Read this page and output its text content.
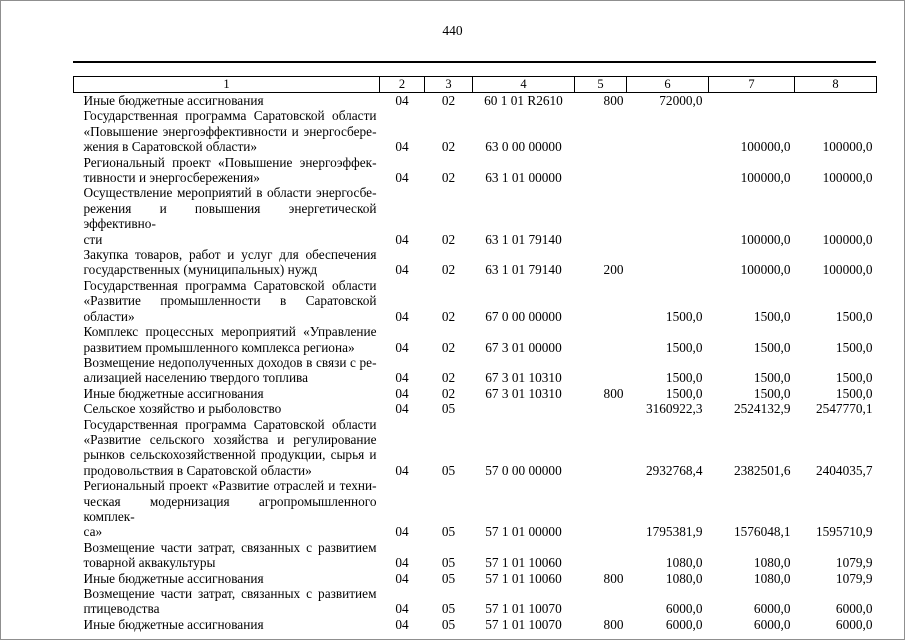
440
1	2	3	4	5	6	7	8

Иные бюджетные ассигнования	04	02	60 1 01 R2610	800	72000,0		

Государственная программа Саратовской области
«Повышение энергоэффективности и энергосбере-
жения в Саратовской области»	04	02	63 0 00 00000			100000,0	100000,0

Региональный проект «Повышение энергоэффек-
тивности и энергосбережения»	04	02	63 1 01 00000			100000,0	100000,0

Осуществление мероприятий в области энергосбе-
режения и повышения энергетической эффективно-
сти	04	02	63 1 01 79140			100000,0	100000,0

Закупка товаров, работ и услуг для обеспечения
государственных (муниципальных) нужд	04	02	63 1 01 79140	200		100000,0	100000,0

Государственная программа Саратовской области
«Развитие промышленности в Саратовской области»	04	02	67 0 00 00000		1500,0	1500,0	1500,0

Комплекс процессных мероприятий «Управление
развитием промышленного комплекса региона»	04	02	67 3 01 00000		1500,0	1500,0	1500,0

Возмещение недополученных доходов в связи с ре-
ализацией населению твердого топлива	04	02	67 3 01 10310		1500,0	1500,0	1500,0

Иные бюджетные ассигнования	04	02	67 3 01 10310	800	1500,0	1500,0	1500,0

Сельское хозяйство и рыболовство	04	05			3160922,3	2524132,9	2547770,1

Государственная программа Саратовской области
«Развитие сельского хозяйства и регулирование
рынков сельскохозяйственной продукции, сырья и
продовольствия в Саратовской области»	04	05	57 0 00 00000		2932768,4	2382501,6	2404035,7

Региональный проект «Развитие отраслей и техни-
ческая модернизация агропромышленного комплек-
са»	04	05	57 1 01 00000		1795381,9	1576048,1	1595710,9

Возмещение части затрат, связанных с развитием
товарной аквакультуры	04	05	57 1 01 10060		1080,0	1080,0	1079,9

Иные бюджетные ассигнования	04	05	57 1 01 10060	800	1080,0	1080,0	1079,9

Возмещение части затрат, связанных с развитием
птицеводства	04	05	57 1 01 10070		6000,0	6000,0	6000,0

Иные бюджетные ассигнования	04	05	57 1 01 10070	800	6000,0	6000,0	6000,0
